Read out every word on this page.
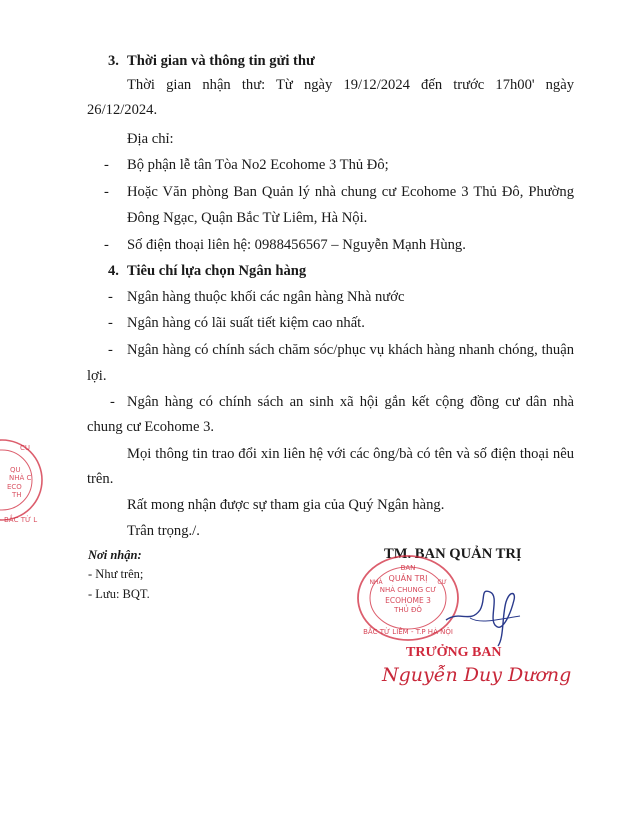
3. Thời gian và thông tin gửi thư
Thời gian nhận thư: Từ ngày 19/12/2024 đến trước 17h00' ngày
26/12/2024.
Địa chỉ:
- Bộ phận lễ tân Tòa No2 Ecohome 3 Thủ Đô;
- Hoặc Văn phòng Ban Quản lý nhà chung cư Ecohome 3 Thủ Đô, Phường
Đông Ngạc, Quận Bắc Từ Liêm, Hà Nội.
- Số điện thoại liên hệ: 0988456567 – Nguyễn Mạnh Hùng.
4. Tiêu chí lựa chọn Ngân hàng
- Ngân hàng thuộc khối các ngân hàng Nhà nước
- Ngân hàng có lãi suất tiết kiệm cao nhất.
- Ngân hàng có chính sách chăm sóc/phục vụ khách hàng nhanh chóng, thuận
lợi.
- Ngân hàng có chính sách an sinh xã hội gắn kết cộng đồng cư dân nhà
chung cư Ecohome 3.
Mọi thông tin trao đổi xin liên hệ với các ông/bà có tên và số điện thoại nêu
trên.
Rất mong nhận được sự tham gia của Quý Ngân hàng.
Trân trọng./.
QU
NHÀ C
ECO
TH
CU
BẮC TỪ L
Nơi nhận:
- Như trên;
- Lưu: BQT.
TM. BAN QUẢN TRỊ
BAN
QUẢN TRỊ
NHÀ CHUNG CƯ
ECOHOME 3
THỦ ĐÔ
BẮC TỪ LIÊM - T.P HÀ NỘI
NHÀ	CƯ
TRƯỞNG BAN
Nguyễn Duy Dương
